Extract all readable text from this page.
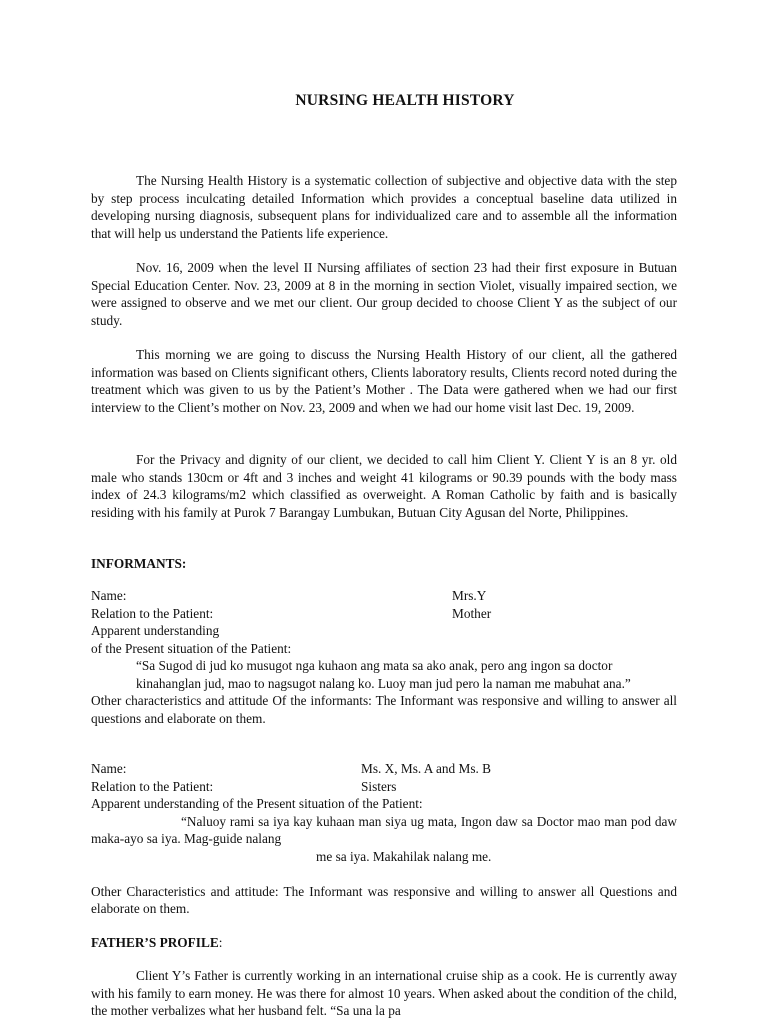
NURSING HEALTH HISTORY
The Nursing Health History is a systematic collection of subjective and objective data with the step by step process inculcating detailed Information which provides a conceptual baseline data utilized in developing nursing diagnosis, subsequent plans for individualized care and to assemble all the information that will help us understand the Patients life experience.
Nov. 16, 2009 when the level II Nursing affiliates of section 23 had their first exposure in Butuan Special Education Center. Nov. 23, 2009 at 8 in the morning in section Violet, visually impaired section, we were assigned to observe and we met our client. Our group decided to choose Client Y as the subject of our study.
This morning we are going to discuss the Nursing Health History of our client, all the gathered information was based on Clients significant others, Clients laboratory results, Clients record noted during the treatment which was given to us by the Patient’s Mother . The Data were gathered when we had our first interview to the Client’s mother on Nov. 23, 2009 and when we had our home visit last Dec. 19, 2009.
For the Privacy and dignity of our client, we decided to call him Client Y. Client Y is an 8 yr. old male who stands 130cm or 4ft and 3 inches and weight 41 kilograms or 90.39 pounds with the body mass index of 24.3 kilograms/m2 which classified as overweight. A Roman Catholic by faith and is basically residing with his family at Purok 7 Barangay Lumbukan, Butuan City Agusan del Norte, Philippines.
INFORMANTS:
Name:	Mrs.Y
Relation to the Patient:	Mother
Apparent understanding
of the Present situation of the Patient:
“Sa Sugod di jud ko musugot nga kuhaon ang mata sa ako anak, pero ang ingon sa doctor kinahanglan jud, mao to nagsugot nalang ko. Luoy man jud pero la naman me mabuhat ana.”
Other characteristics and attitude Of the informants: The Informant was responsive and willing to answer all questions and elaborate on them.
Name:	Ms. X, Ms. A and Ms. B
Relation to the Patient:	Sisters
Apparent understanding of the Present situation of the Patient:
“Naluoy rami sa iya kay kuhaan man siya ug mata, Ingon daw sa Doctor mao man pod daw maka-ayo sa iya. Mag-guide nalang
me sa iya. Makahilak nalang me.
Other Characteristics and attitude: The Informant was responsive and willing to answer all Questions and elaborate on them.
FATHER’S PROFILE:
Client Y’s Father is currently working in an international cruise ship as a cook. He is currently away with his family to earn money. He was there for almost 10 years. When asked about the condition of the child, the mother verbalizes what her husband felt. “Sa una la pa
